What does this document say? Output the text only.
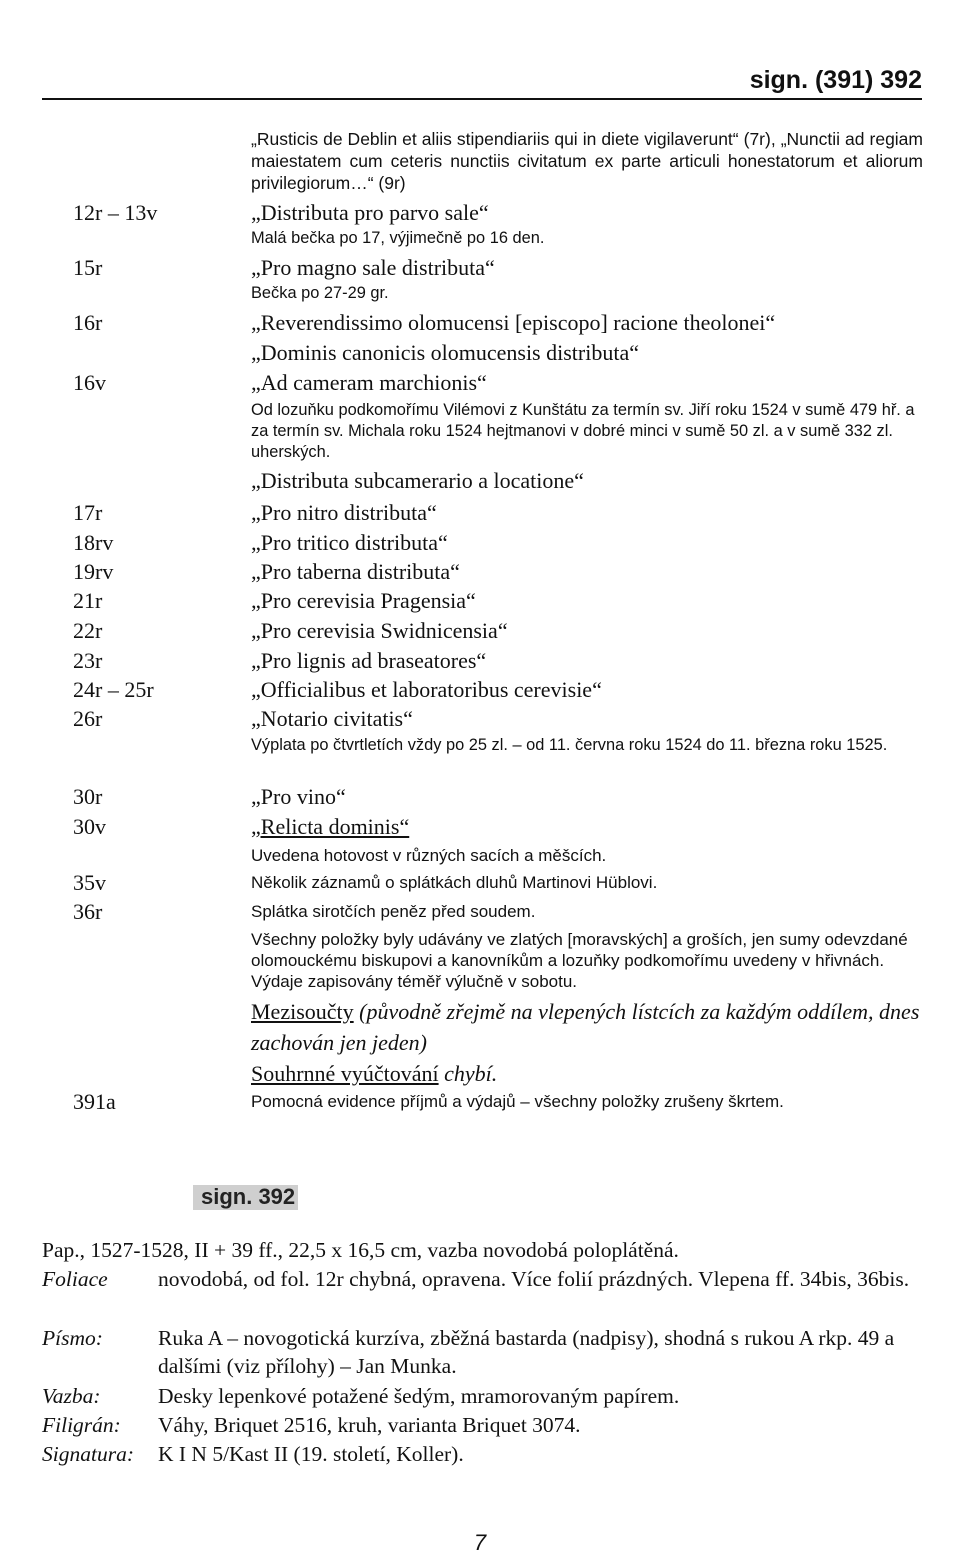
sign. (391) 392
„Rusticis de Deblin et aliis stipendiariis qui in diete vigilaverunt“ (7r), „Nunctii ad regiam maiestatem cum ceteris nunctiis civitatum ex parte articuli honestatorum et aliorum privilegiorum…“ (9r)
12r – 13v	„Distributa pro parvo sale“
Malá bečka po 17, výjimečně po 16 den.
15r	„Pro magno sale distributa“
Bečka po 27-29 gr.
16r	„Reverendissimo olomucensi [episcopo] racione theolonei“
„Dominis canonicis olomucensis distributa“
16v	„Ad cameram marchionis“
Od lozuňku podkomořímu Vilémovi z Kunštátu za termín sv. Jiří roku 1524 v sumě 479 hř. a za termín sv. Michala roku 1524 hejtmanovi v dobré minci v sumě 50 zl. a v sumě 332 zl. uherských.
„Distributa subcamerario a locatione“
17r	„Pro nitro distributa“
18rv	„Pro tritico distributa“
19rv	„Pro taberna distributa“
21r	„Pro cerevisia Pragensia“
22r	„Pro cerevisia Swidnicensia“
23r	„Pro lignis ad braseatores“
24r – 25r	„Officialibus et laboratoribus cerevisie“
26r	„Notario civitatis“
Výplata po čtvrtletích vždy po 25 zl. – od 11. června roku 1524 do 11. března roku 1525.
30r	„Pro vino“
30v	„Relicta dominis“
Uvedena hotovost v různých sacích a měšcích.
35v	Několik záznamů o splátkách dluhů Martinovi Hüblovi.
36r	Splátka sirotčích peněz před soudem.
Všechny položky byly udávány ve zlatých [moravských] a groších, jen sumy odevzdané olomouckému biskupovi a kanovníkům a lozuňky podkomořímu uvedeny v hřivnách. Výdaje zapisovány téměř výlučně v sobotu.
Mezisoučty (původně zřejmě na vlepených lístcích za každým oddílem, dnes zachován jen jeden)
Souhrnné vyúčtování chybí.
391a	Pomocná evidence příjmů a výdajů – všechny položky zrušeny škrtem.
sign. 392
Pap., 1527-1528, II + 39 ff., 22,5 x 16,5 cm, vazba novodobá poloplátěná.
Foliace novodobá, od fol. 12r chybná, opravena. Více folií prázdných. Vlepena ff. 34bis, 36bis.
Písmo:	Ruka A – novogotická kurzíva, zběžná bastarda (nadpisy), shodná s rukou A rkp. 49 a dalšími (viz přílohy) – Jan Munka.
Vazba:	Desky lepenkové potažené šedým, mramorovaným papírem.
Filigrán: Váhy, Briquet 2516, kruh, varianta Briquet 3074.
Signatura: K I N 5/Kast II (19. století, Koller).
7
